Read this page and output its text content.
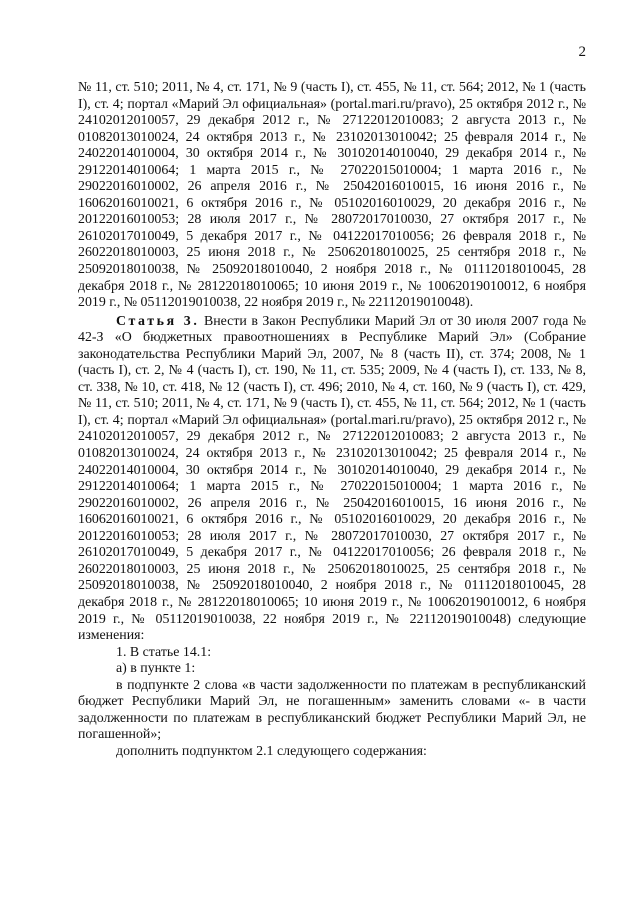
2

№ 11, ст. 510; 2011, № 4, ст. 171, № 9 (часть I), ст. 455, № 11, ст. 564; 2012, № 1 (часть I), ст. 4; портал «Марий Эл официальная» (portal.mari.ru/pravo), 25 октября 2012 г., № 24102012010057, 29 декабря 2012 г., № 27122012010083; 2 августа 2013 г., № 01082013010024, 24 октября 2013 г., № 23102013010042; 25 февраля 2014 г., № 24022014010004, 30 октября 2014 г., № 30102014010040, 29 декабря 2014 г., № 29122014010064; 1 марта 2015 г., № 27022015010004; 1 марта 2016 г., № 29022016010002, 26 апреля 2016 г., № 25042016010015, 16 июня 2016 г., № 16062016010021, 6 октября 2016 г., № 05102016010029, 20 декабря 2016 г., № 20122016010053; 28 июля 2017 г., № 28072017010030, 27 октября 2017 г., № 26102017010049, 5 декабря 2017 г., № 04122017010056; 26 февраля 2018 г., № 26022018010003, 25 июня 2018 г., № 25062018010025, 25 сентября 2018 г., № 25092018010038, № 25092018010040, 2 ноября 2018 г., № 01112018010045, 28 декабря 2018 г., № 28122018010065; 10 июня 2019 г., № 10062019010012, 6 ноября 2019 г., № 05112019010038, 22 ноября 2019 г., № 22112019010048).

Статья 3. Внести в Закон Республики Марий Эл от 30 июля 2007 года № 42-З «О бюджетных правоотношениях в Республике Марий Эл» (Собрание законодательства Республики Марий Эл, 2007, № 8 (часть II), ст. 374; 2008, № 1 (часть I), ст. 2, № 4 (часть I), ст. 190, № 11, ст. 535; 2009, № 4 (часть I), ст. 133, № 8, ст. 338, № 10, ст. 418, № 12 (часть I), ст. 496; 2010, № 4, ст. 160, № 9 (часть I), ст. 429, № 11, ст. 510; 2011, № 4, ст. 171, № 9 (часть I), ст. 455, № 11, ст. 564; 2012, № 1 (часть I), ст. 4; портал «Марий Эл официальная» (portal.mari.ru/pravo), 25 октября 2012 г., № 24102012010057, 29 декабря 2012 г., № 27122012010083; 2 августа 2013 г., № 01082013010024, 24 октября 2013 г., № 23102013010042; 25 февраля 2014 г., № 24022014010004, 30 октября 2014 г., № 30102014010040, 29 декабря 2014 г., № 29122014010064; 1 марта 2015 г., № 27022015010004; 1 марта 2016 г., № 29022016010002, 26 апреля 2016 г., № 25042016010015, 16 июня 2016 г., № 16062016010021, 6 октября 2016 г., № 05102016010029, 20 декабря 2016 г., № 20122016010053; 28 июля 2017 г., № 28072017010030, 27 октября 2017 г., № 26102017010049, 5 декабря 2017 г., № 04122017010056; 26 февраля 2018 г., № 26022018010003, 25 июня 2018 г., № 25062018010025, 25 сентября 2018 г., № 25092018010038, № 25092018010040, 2 ноября 2018 г., № 01112018010045, 28 декабря 2018 г., № 28122018010065; 10 июня 2019 г., № 10062019010012, 6 ноября 2019 г., № 05112019010038, 22 ноября 2019 г., № 22112019010048) следующие изменения:

1. В статье 14.1:

а) в пункте 1:

в подпункте 2 слова «в части задолженности по платежам в республиканский бюджет Республики Марий Эл, не погашенным» заменить словами «- в части задолженности по платежам в республиканский бюджет Республики Марий Эл, не погашенной»;

дополнить подпунктом 2.1 следующего содержания:
